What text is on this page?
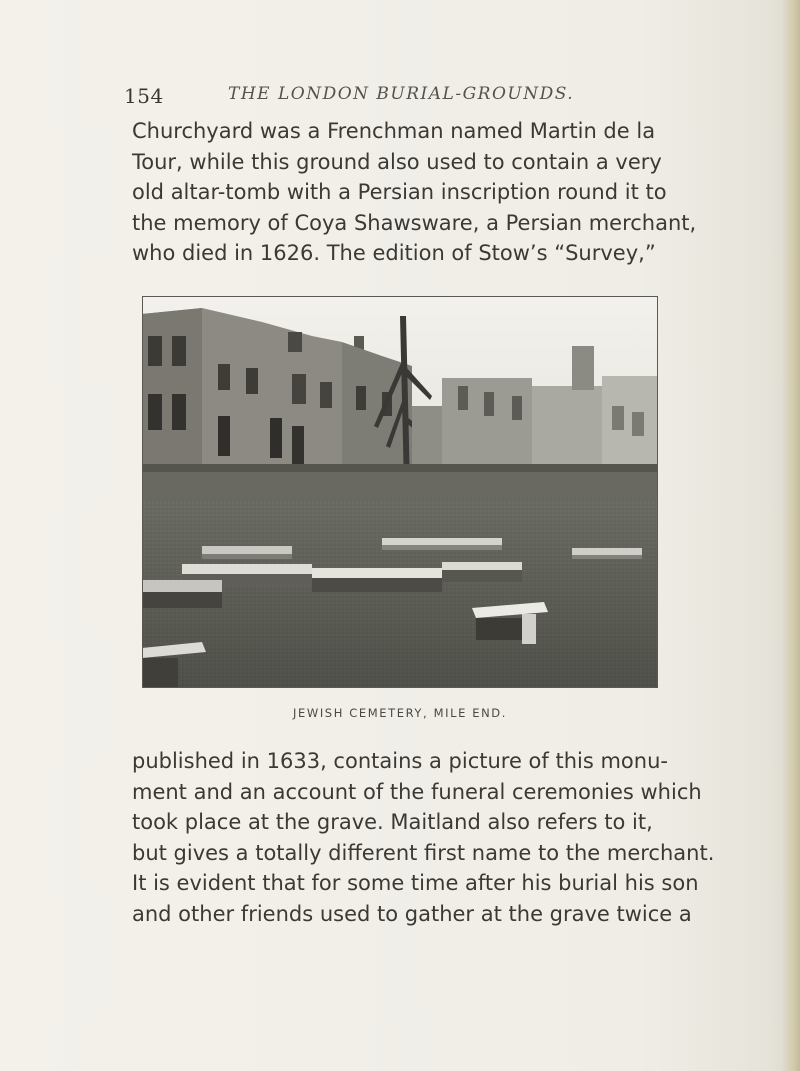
154	THE LONDON BURIAL-GROUNDS.
Churchyard was a Frenchman named Martin de la
Tour, while this ground also used to contain a very
old altar-tomb with a Persian inscription round it to
the memory of Coya Shawsware, a Persian merchant,
who died in 1626. The edition of Stow’s “Survey,”
JEWISH CEMETERY, MILE END.
published in 1633, contains a picture of this monu-
ment and an account of the funeral ceremonies which
took place at the grave. Maitland also refers to it,
but gives a totally different first name to the merchant.
It is evident that for some time after his burial his son
and other friends used to gather at the grave twice a
